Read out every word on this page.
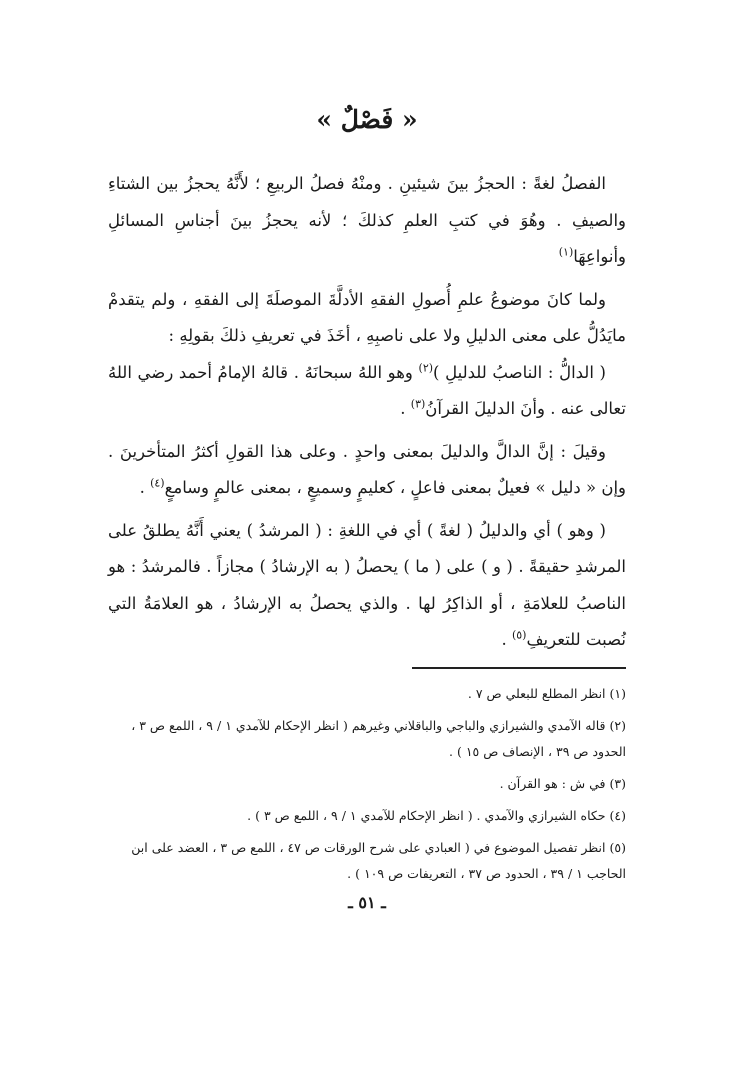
« فَصْلٌ »

الفصلُ لغةً : الحجزُ بينَ شيئينِ . ومنْهُ فصلُ الربيعِ ؛ لأَنَّهُ يحجزُ بين الشتاءِ والصيفِ . وهُوَ في كتبِ العلمِ كذلكَ ؛ لأنه يحجزُ بينَ أجناسِ المسائلِ وأنواعِهَا$^{(١)}$

ولما كانَ موضوعُ علمِ أُصولِ الفقهِ الأدلَّةَ الموصلَةَ إلى الفقهِ ، ولم يتقدمْ مايَدُلُّ على معنى الدليلِ ولا على ناصبِهِ ، أخَذَ في تعريفِ ذلكَ بقولِهِ :

( الدالُّ : الناصبُ للدليلِ )$^{(٢)}$ وهو اللهُ سبحانَهُ . قالهُ الإمامُ أحمد رضي اللهُ تعالى عنه . وأنَ الدليلَ القرآنُ$^{(٣)}$ .

وقيلَ : إنَّ الدالَّ والدليلَ بمعنى واحدٍ . وعلى هذا القولِ أكثرُ المتأخرينَ . وإن « دليل » فعيلٌ بمعنى فاعلٍ ، كعليمٍ وسميعٍ ، بمعنى عالمٍ وسامعٍ$^{(٤)}$ .

( وهو ) أي والدليلُ ( لغةً ) أي في اللغةِ : ( المرشدُ ) يعني أَنَّهُ يطلقُ على المرشدِ حقيقةً . ( و ) على ( ما ) يحصلُ ( به الإرشادُ ) مجازاً . فالمرشدُ : هو الناصبُ للعلامَةِ ، أو الذاكِرُ لها . والذي يحصلُ به الإرشادُ ، هو العلامَةُ التي نُصبت للتعريفِ$^{(٥)}$ .

(١) انظر المطلع للبعلي ص ٧ .

(٢) قاله الآمدي والشيرازي والباجي والباقلاني وغيرهم ( انظر الإحكام للآمدي ١ / ٩ ، اللمع ص ٣ ، الحدود ص ٣٩ ، الإنصاف ص ١٥ ) .

(٣) في ش : هو القرآن .

(٤) حكاه الشيرازي والآمدي . ( انظر الإحكام للآمدي ١ / ٩ ، اللمع ص ٣ ) .

(٥) انظر تفصيل الموضوع في ( العبادي على شرح الورقات ص ٤٧ ، اللمع ص ٣ ، العضد على ابن الحاجب ١ / ٣٩ ، الحدود ص ٣٧ ، التعريفات ص ١٠٩ ) .

ـ ٥١ ـ
